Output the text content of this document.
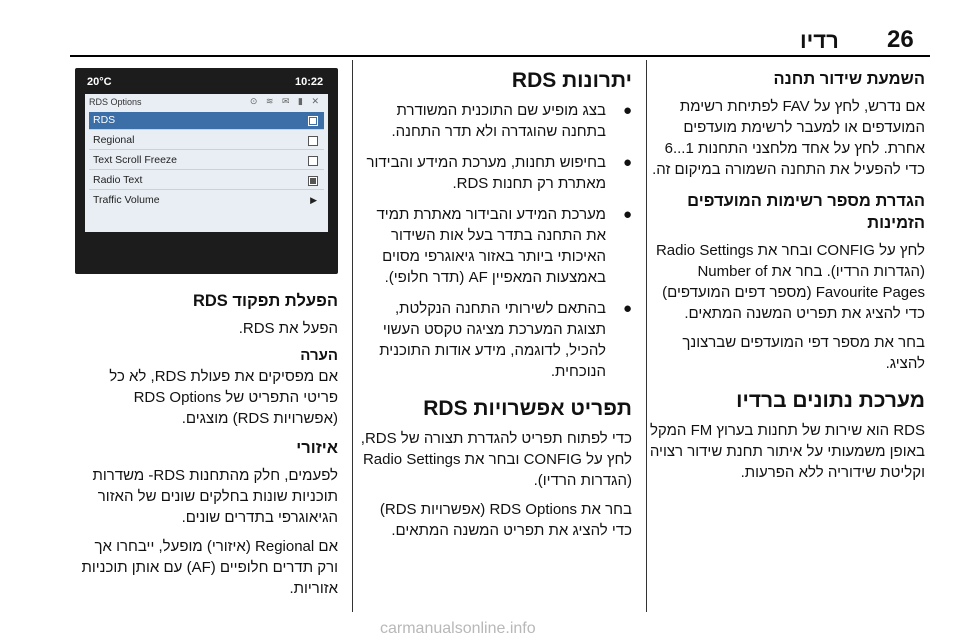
26
רדיו
השמעת שידור תחנה

אם נדרש, לחץ על FAV לפתיחת רשימת המועדפים או למעבר לרשימת מועדפים אחרת. לחץ על אחד מלחצני התחנות 1...6 כדי להפעיל את התחנה השמורה במיקום זה.

הגדרת מספר רשימות המועדפים הזמינות

לחץ על CONFIG ובחר את Radio Settings (הגדרות הרדיו). בחר את Number of Favourite Pages (מספר דפים המועדפים) כדי להציג את תפריט המשנה המתאים.

בחר את מספר דפי המועדפים שברצונך להציג.

מערכת נתונים ברדיו

RDS הוא שירות של תחנות בערוץ FM המקל באופן משמעותי על איתור תחנת שידור רצויה וקליטת שידוריה ללא הפרעות.

יתרונות RDS
●
בצג מופיע שם התוכנית המשודרת בתחנה שהוגדרה ולא תדר התחנה.
●
בחיפוש תחנות, מערכת המידע והבידור מאתרת רק תחנות RDS.
●
מערכת המידע והבידור מאתרת תמיד את התחנה בתדר בעל אות השידור האיכותי ביותר באזור גיאוגרפי מסוים באמצעות המאפיין AF (תדר חלופי).
●
בהתאם לשירותי התחנה הנקלטת, תצוגת המערכת מציגה טקסט העשוי להכיל, לדוגמה, מידע אודות התוכנית הנוכחית.
תפריט אפשרויות RDS

כדי לפתוח תפריט להגדרת תצורה של RDS, לחץ על CONFIG ובחר את Radio Settings (הגדרות הרדיו).

בחר את RDS Options (אפשרויות RDS) כדי להציג את תפריט המשנה המתאים.

20°C	10:22
RDS Options	⊙ ≋ ✉ ▮ ✕
RDS
Regional
Text Scroll Freeze
Radio Text
Traffic Volume	▶
הפעלת תפקוד RDS

הפעל את RDS.

הערה

אם מפסיקים את פעולת RDS, לא כל פריטי התפריט של RDS Options (אפשרויות RDS) מוצגים.

איזורי

לפעמים, חלק מהתחנות RDS- משדרות תוכניות שונות בחלקים שונים של האזור הגיאוגרפי בתדרים שונים.

אם Regional (איזורי) מופעל, ייבחרו אך ורק תדרים חלופיים (AF) עם אותן תוכניות אזוריות.

carmanualsonline.info
